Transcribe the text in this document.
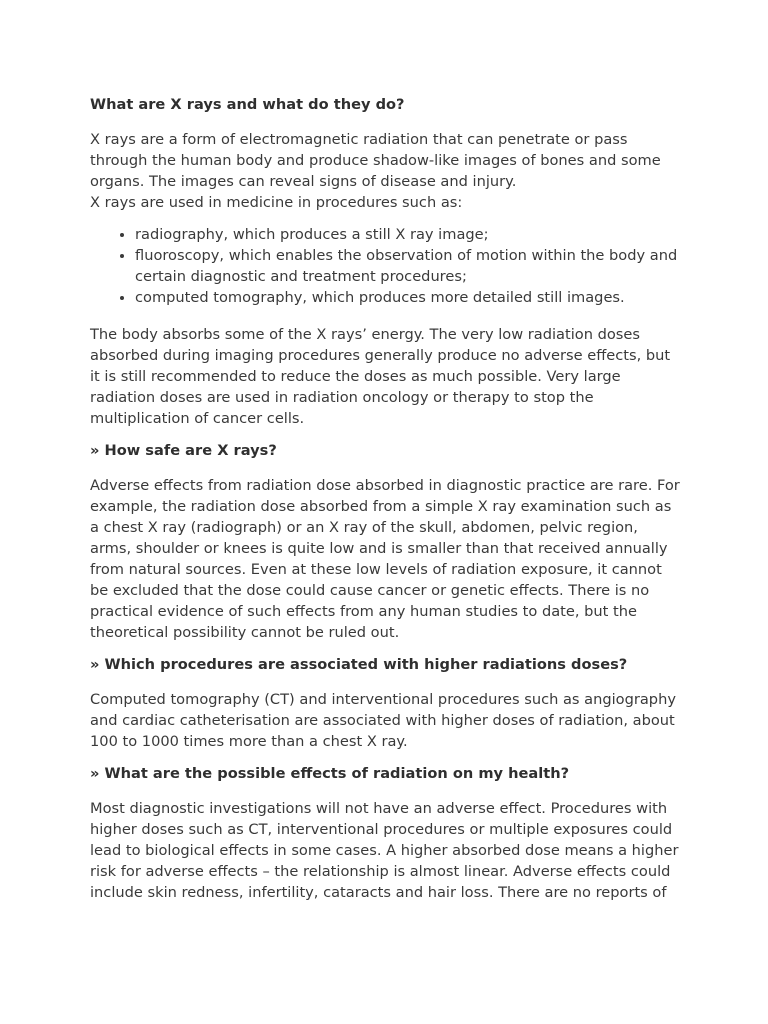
What are X rays and what do they do?
X rays are a form of electromagnetic radiation that can penetrate or pass through the human body and produce shadow-like images of bones and some organs. The images can reveal signs of disease and injury.
X rays are used in medicine in procedures such as:
• radiography, which produces a still X ray image;
• fluoroscopy, which enables the observation of motion within the body and certain diagnostic and treatment procedures;
• computed tomography, which produces more detailed still images.
The body absorbs some of the X rays’ energy. The very low radiation doses absorbed during imaging procedures generally produce no adverse effects, but it is still recommended to reduce the doses as much possible. Very large radiation doses are used in radiation oncology or therapy to stop the multiplication of cancer cells.
» How safe are X rays?
Adverse effects from radiation dose absorbed in diagnostic practice are rare. For example, the radiation dose absorbed from a simple X ray examination such as a chest X ray (radiograph) or an X ray of the skull, abdomen, pelvic region, arms, shoulder or knees is quite low and is smaller than that received annually from natural sources. Even at these low levels of radiation exposure, it cannot be excluded that the dose could cause cancer or genetic effects. There is no practical evidence of such effects from any human studies to date, but the theoretical possibility cannot be ruled out.
» Which procedures are associated with higher radiations doses?
Computed tomography (CT) and interventional procedures such as angiography and cardiac catheterisation are associated with higher doses of radiation, about 100 to 1000 times more than a chest X ray.
» What are the possible effects of radiation on my health?
Most diagnostic investigations will not have an adverse effect. Procedures with higher doses such as CT, interventional procedures or multiple exposures could lead to biological effects in some cases. A higher absorbed dose means a higher risk for adverse effects – the relationship is almost linear. Adverse effects could include skin redness, infertility, cataracts and hair loss. There are no reports of
